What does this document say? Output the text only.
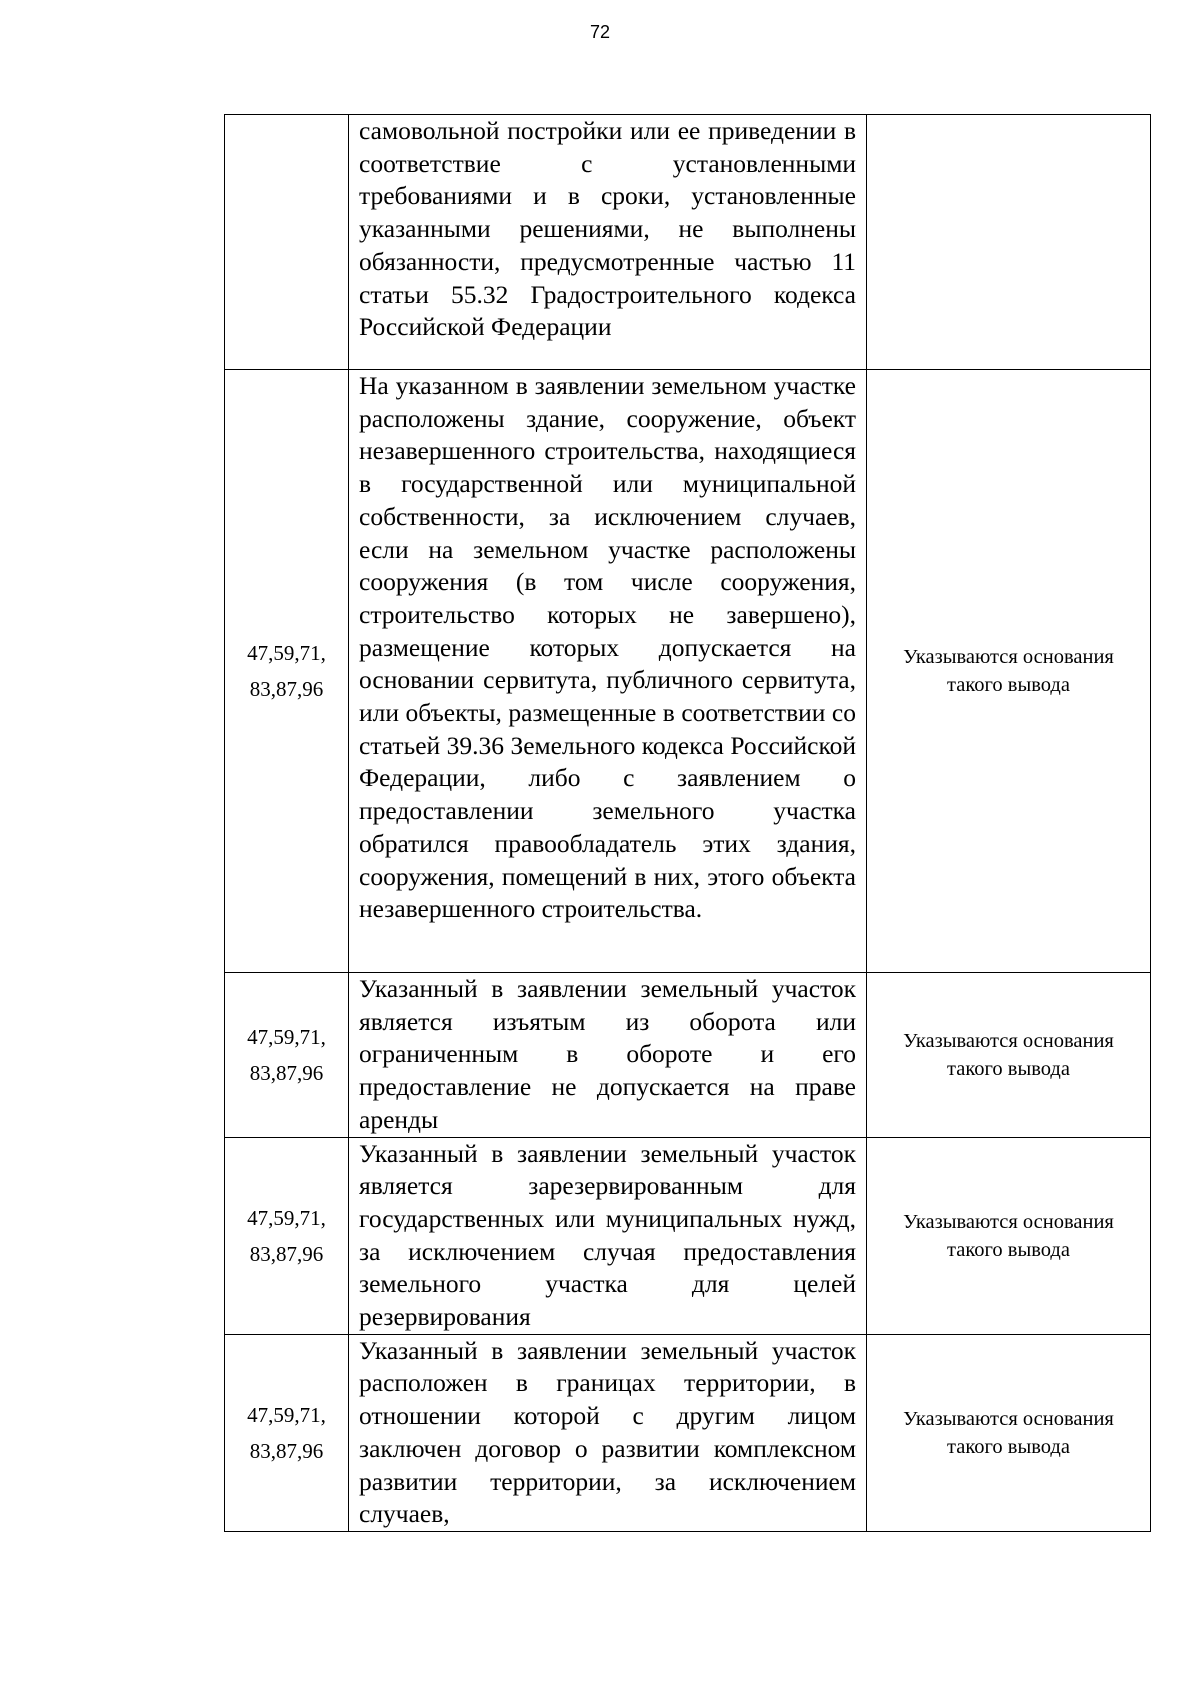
72
	самовольной постройки или ее приведении в соответствие с установленными требованиями и в сроки, установленные указанными решениями, не выполнены обязанности, предусмотренные частью 11 статьи 55.32 Градостроительного кодекса Российской Федерации	

47,59,71,
83,87,96	На указанном в заявлении земельном участке расположены здание, сооружение, объект незавершенного строительства, находящиеся в государственной или муниципальной собственности, за исключением случаев, если на земельном участке расположены сооружения (в том числе сооружения, строительство которых не завершено), размещение которых допускается на основании сервитута, публичного сервитута, или объекты, размещенные в соответствии со статьей 39.36 Земельного кодекса Российской Федерации, либо с заявлением о предоставлении земельного участка обратился правообладатель этих здания, сооружения, помещений в них, этого объекта незавершенного строительства.	Указываются основания
такого вывода

47,59,71,
83,87,96	Указанный в заявлении земельный участок является изъятым из оборота или ограниченным в обороте и его предоставление не допускается на праве аренды	Указываются основания
такого вывода

47,59,71,
83,87,96	Указанный в заявлении земельный участок является зарезервированным для государственных или муниципальных нужд, за исключением случая предоставления земельного участка для целей резервирования	Указываются основания
такого вывода

47,59,71,
83,87,96	Указанный в заявлении земельный участок расположен в границах территории, в отношении которой с другим лицом заключен договор о развитии комплексном развитии территории, за исключением случаев,	Указываются основания
такого вывода
